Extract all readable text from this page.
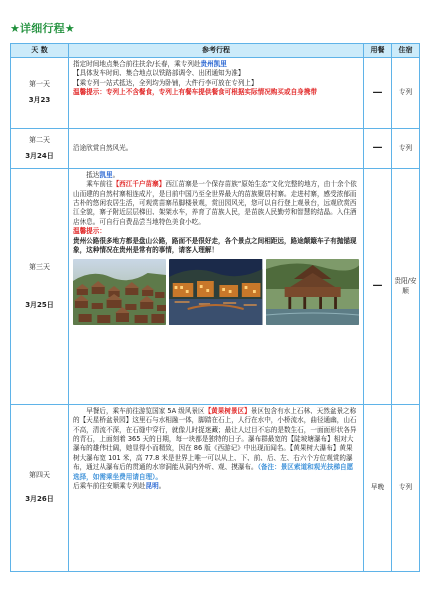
★详细行程★
天 数	参考行程	用餐	住宿

第一天
3月23	指定时间地点集合前往扶余/长春，乘专列赴贵州凯里
【具体发车时间、集合地点以铁路部调令、出团通知为准】
【乘专列一站式抵达，全列均为卧铺，大件行李可放在专列上】
温馨提示：专列上不含餐食，专列上有餐车提供餐食可根据实际情况购买或自身携带	—	专列

第二天
3月24日	沿途欣赏自然风光。	—	专列

第三天
3月25日	抵达凯里。
乘车前往【西江千户苗寨】西江苗寨是一个保存苗族“原始生态”文化完整的地方，由十余个依山而建的自然村寨相连成片，是目前中国乃至全世界最大的苗族聚居村寨。走进村寨，感受浓郁而古朴的悠闲农居生活，可观赏苗寨吊脚楼景观，赏田园风光，您可以自行登上观景台，远观欣赏西江全貌，寨子附近层层梯田、架架水车，养育了苗族人民，是苗族人民勤劳和智慧的结晶。入住酒店休息。可自行自费品尝当地特色美食小吃。
温馨提示：
贵州公路很多地方都是盘山公路，路面不是很好走，各个景点之间相距远，路途颠簸车子有抛锚现象，这种情况在贵州是常有的事情，请客人理解！	—	贵阳/安顺

第四天
3月26日	早餐后，乘车前往游览国家 5A 级风景区【黄果树景区】景区包含有水上石林、天然盆景之称的【天星桥盆景园】这里石与水相融一体，脚踏在石上，人行在水中，小桥流水，曲径通幽，山石不高，清流不深，在石缝中穿行，就像儿时捉迷藏；最让人过目不忘的是数生石，一面面形状各异的青石，上面刻着 365 天的日期，每一块都是独特的日子。瀑布群最宽的【陡坡塘瀑布】相对大瀑布的雄伟壮阔，她显得小而精致，因在 86 版《西游记》中出现而闻名。【黄果树大瀑布】黄果树大瀑布宽 101 米，高 77.8 米是世界上唯一可以从上、下、前、后、左、右六个方位观赏的瀑布，通过从瀑布后的贯通的水帘洞能从洞内外听、观、摸瀑布。（备注：景区索道和观光扶梯自愿选择，如需乘坐费用请自理）。
后乘车前往安顺乘专列赴昆明。	早晚	专列
